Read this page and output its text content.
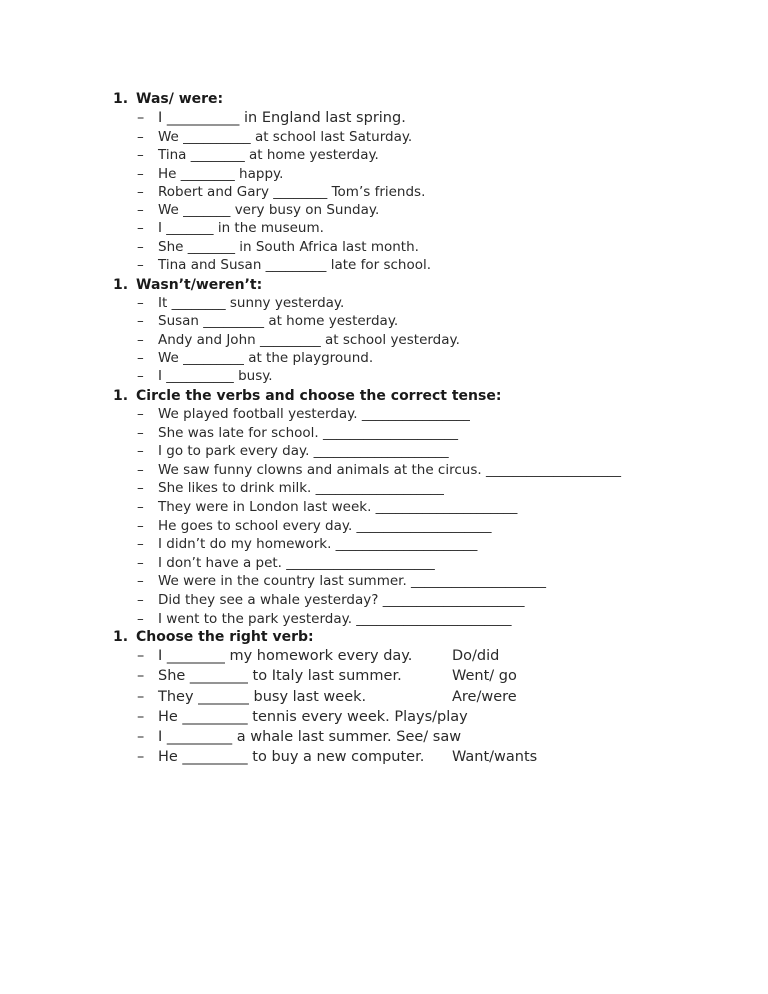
1. Was/ were:
– I __________ in England last spring.
– We __________ at school last Saturday.
– Tina ________ at home yesterday.
– He ________ happy.
– Robert and Gary ________ Tom’s friends.
– We _______ very busy on Sunday.
– I _______ in the museum.
– She _______ in South Africa last month.
– Tina and Susan _________ late for school.
1. Wasn’t/weren’t:
– It ________ sunny yesterday.
– Susan _________ at home yesterday.
– Andy and John _________ at school yesterday.
– We _________ at the playground.
– I __________ busy.
1. Circle the verbs and choose the correct tense:
– We played football yesterday. ________________
– She was late for school. ____________________
– I go to park every day. ____________________
– We saw funny clowns and animals at the circus. ____________________
– She likes to drink milk. ___________________
– They were in London last week. _____________________
– He goes to school every day. ____________________
– I didn’t do my homework. _____________________
– I don’t have a pet. ______________________
– We were in the country last summer. ____________________
– Did they see a whale yesterday? _____________________
– I went to the park yesterday. _______________________
1. Choose the right verb:
– I ________ my homework every day.	Do/did
– She ________ to Italy last summer.	Went/ go
– They _______ busy last week.	Are/were
– He _________ tennis every week. Plays/play
– I _________ a whale last summer. See/ saw
– He _________ to buy a new computer. Want/wants
